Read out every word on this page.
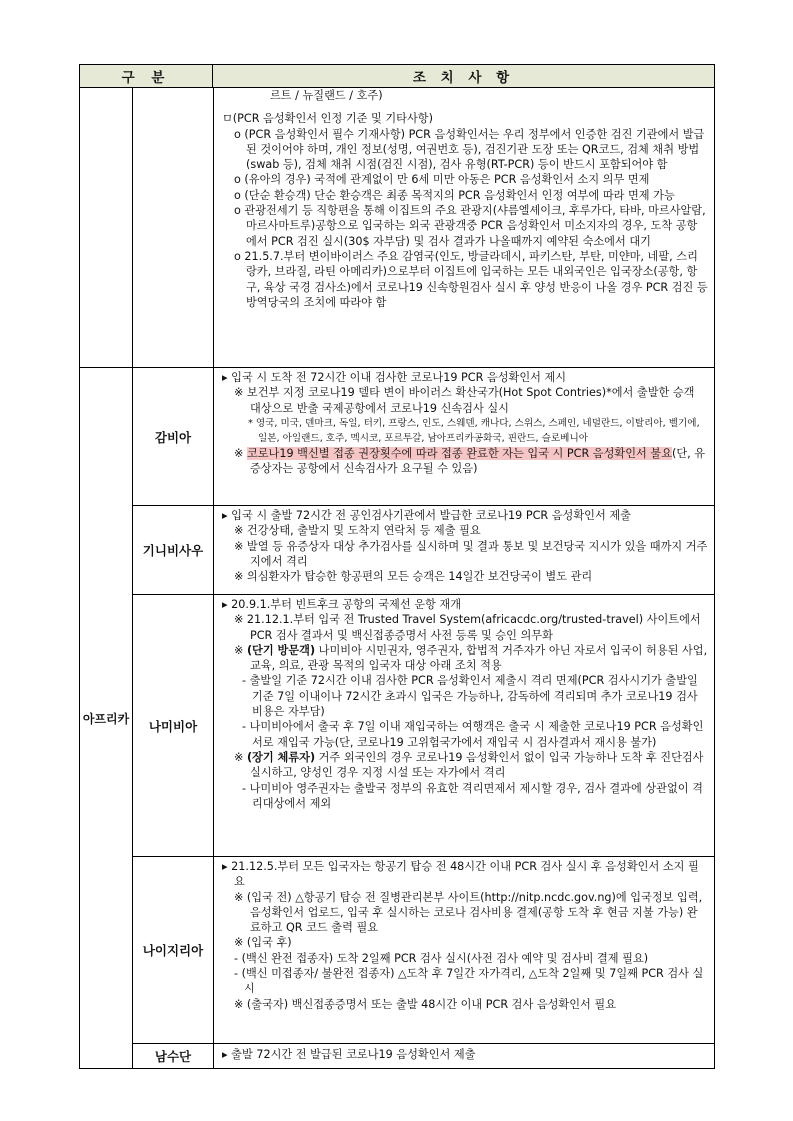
구 분	조 치 사 항

르트 / 뉴질랜드 / 호주)

ㅁ(PCR 음성확인서 인정 기준 및 기타사항)

o (PCR 음성확인서 필수 기재사항) PCR 음성확인서는 우리 정부에서 인증한 검진 기관에서 발급된 것이어야 하며, 개인 정보(성명, 여권번호 등), 검진기관 도장 또는 QR코드, 검체 채취 방법(swab 등), 검체 채취 시점(검진 시점), 검사 유형(RT-PCR) 등이 반드시 포함되어야 함

o (유아의 경우) 국적에 관계없이 만 6세 미만 아동은 PCR 음성확인서 소지 의무 면제

o (단순 환승객) 단순 환승객은 최종 목적지의 PCR 음성확인서 인정 여부에 따라 면제 가능

o 관광전세기 등 직항편을 통해 이집트의 주요 관광지(샤름엘셰이크, 후루가다, 타바, 마르사알람, 마르사마트루)공항으로 입국하는 외국 관광객중 PCR 음성확인서 미소지자의 경우, 도착 공항에서 PCR 검진 실시(30$ 자부담) 및 검사 결과가 나올때까지 예약된 숙소에서 대기

o 21.5.7.부터 변이바이러스 주요 감염국(인도, 방글라데시, 파키스탄, 부탄, 미얀마, 네팔, 스리랑카, 브라질, 라틴 아메리카)으로부터 이집트에 입국하는 모든 내외국인은 입국장소(공항, 항구, 육상 국경 검사소)에서 코로나19 신속항원검사 실시 후 양성 반응이 나올 경우 PCR 검진 등 방역당국의 조치에 따라야 함

아프리카
감비아

▸ 입국 시 도착 전 72시간 이내 검사한 코로나19 PCR 음성확인서 제시

※ 보건부 지정 코로나19 델타 변이 바이러스 확산국가(Hot Spot Contries)*에서 출발한 승객 대상으로 반출 국제공항에서 코로나19 신속검사 실시

* 영국, 미국, 덴마크, 독일, 터키, 프랑스, 인도, 스웨덴, 캐나다, 스위스, 스페인, 네덜란드, 이탈리아, 벨기에, 일본, 아일랜드, 호주, 멕시코, 포르투갈, 남아프리카공화국, 핀란드, 슬로베니아

※ 코로나19 백신별 접종 권장횟수에 따라 접종 완료한 자는 입국 시 PCR 음성확인서 불요(단, 유증상자는 공항에서 신속검사가 요구될 수 있음)

기니비사우

▸ 입국 시 출발 72시간 전 공인검사기관에서 발급한 코로나19 PCR 음성확인서 제출

※ 건강상태, 출발지 및 도착지 연락처 등 제출 필요

※ 발열 등 유증상자 대상 추가검사를 실시하며 및 결과 통보 및 보건당국 지시가 있을 때까지 거주지에서 격리

※ 의심환자가 탑승한 항공편의 모든 승객은 14일간 보건당국이 별도 관리

나미비아

▸ 20.9.1.부터 빈트후크 공항의 국제선 운항 재개

※ 21.12.1.부터 입국 전 Trusted Travel System(africacdc.org/trusted-travel) 사이트에서 PCR 검사 결과서 및 백신접종증명서 사전 등록 및 승인 의무화

※ (단기 방문객) 나미비아 시민권자, 영주권자, 합법적 거주자가 아닌 자로서 입국이 허용된 사업, 교육, 의료, 관광 목적의 입국자 대상 아래 조치 적용

- 출발일 기준 72시간 이내 검사한 PCR 음성확인서 제출시 격리 면제(PCR 검사시기가 출발일 기준 7일 이내이나 72시간 초과시 입국은 가능하나, 감독하에 격리되며 추가 코로나19 검사비용은 자부담)

- 나미비아에서 출국 후 7일 이내 재입국하는 여행객은 출국 시 제출한 코로나19 PCR 음성확인서로 재입국 가능(단, 코로나19 고위험국가에서 재입국 시 검사결과서 재시용 불가)

※ (장기 체류자) 거주 외국인의 경우 코로나19 음성확인서 없이 입국 가능하나 도착 후 진단검사 실시하고, 양성인 경우 지정 시설 또는 자가에서 격리

- 나미비아 영주권자는 출발국 정부의 유효한 격리면제서 제시할 경우, 검사 결과에 상관없이 격리대상에서 제외

나이지리아

▸ 21.12.5.부터 모든 입국자는 항공기 탑승 전 48시간 이내 PCR 검사 실시 후 음성확인서 소지 필요

※ (입국 전) △항공기 탑승 전 질병관리본부 사이트(http://nitp.ncdc.gov.ng)에 입국정보 입력, 음성확인서 업로드, 입국 후 실시하는 코로나 검사비용 결제(공항 도착 후 현금 지불 가능) 완료하고 QR 코드 출력 필요

※ (입국 후)

- (백신 완전 접종자) 도착 2일째 PCR 검사 실시(사전 검사 예약 및 검사비 결제 필요)

- (백신 미접종자/ 불완전 접종자) △도착 후 7일간 자가격리, △도착 2일째 및 7일째 PCR 검사 실시

※ (출국자) 백신접종증명서 또는 출발 48시간 이내 PCR 검사 음성확인서 필요

남수단	▸ 출발 72시간 전 발급된 코로나19 음성확인서 제출
